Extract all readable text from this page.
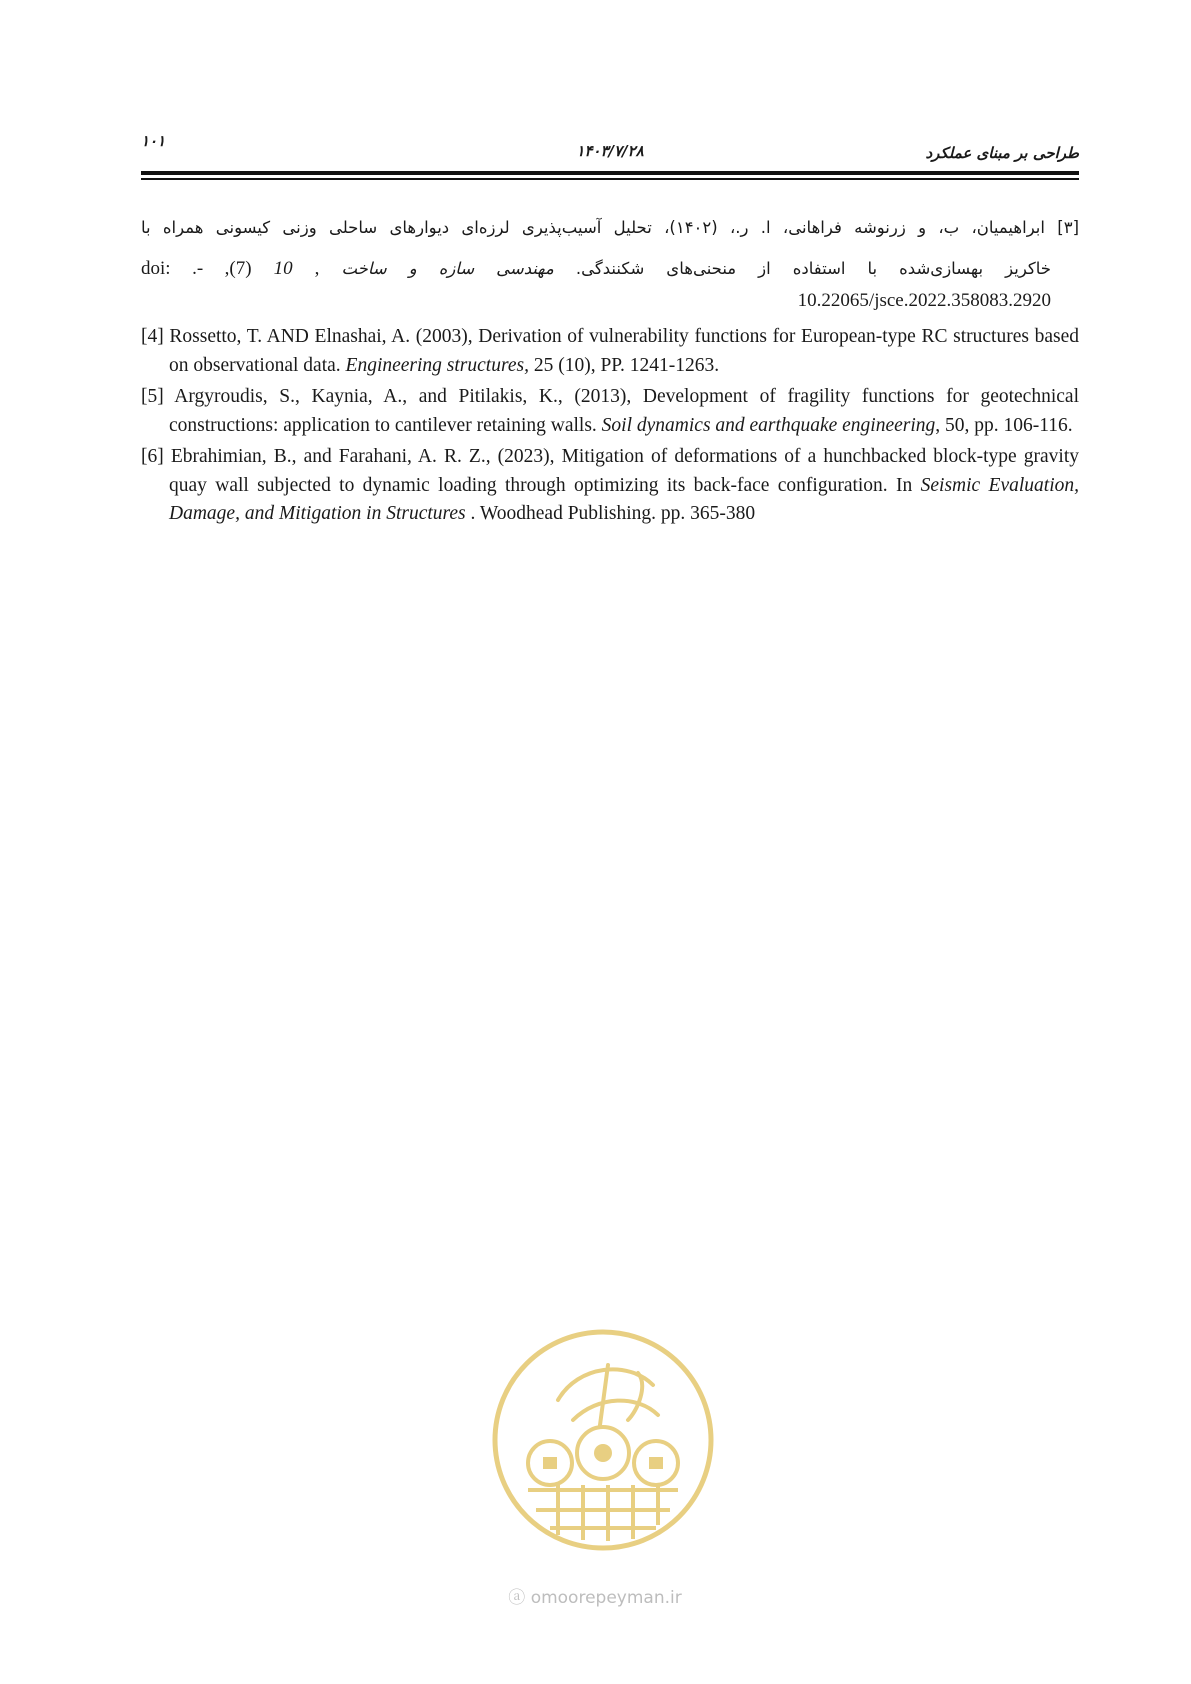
۱۰۱
۱۴۰۳/۷/۲۸	طراحی بر مبنای عملکرد
[۳] ابراهیمیان، ب، و زرنوشه فراهانی، ا. ر.، (۱۴۰۲)، تحلیل آسیب‌پذیری لرزه‌ای دیوارهای ساحلی وزنی کیسونی همراه با
خاکریز بهسازی‌شده با استفاده از منحنی‌های شکنندگی. مهندسی سازه و ساخت doi: .- ,(7) 10 ,
10.22065/jsce.2022.358083.2920
[4] Rossetto, T. AND Elnashai, A. (2003), Derivation of vulnerability functions for European-type RC structures based on observational data. Engineering structures, 25 (10), PP. 1241-1263.
[5] Argyroudis, S., Kaynia, A., and Pitilakis, K., (2013), Development of fragility functions for geotechnical constructions: application to cantilever retaining walls. Soil dynamics and earthquake engineering, 50, pp. 106-116.
[6] Ebrahimian, B., and Farahani, A. R. Z., (2023), Mitigation of deformations of a hunchbacked block-type gravity quay wall subjected to dynamic loading through optimizing its back-face configuration. In Seismic Evaluation, Damage, and Mitigation in Structures . Woodhead Publishing. pp. 365-380
ⓐ omoorepeyman.ir
